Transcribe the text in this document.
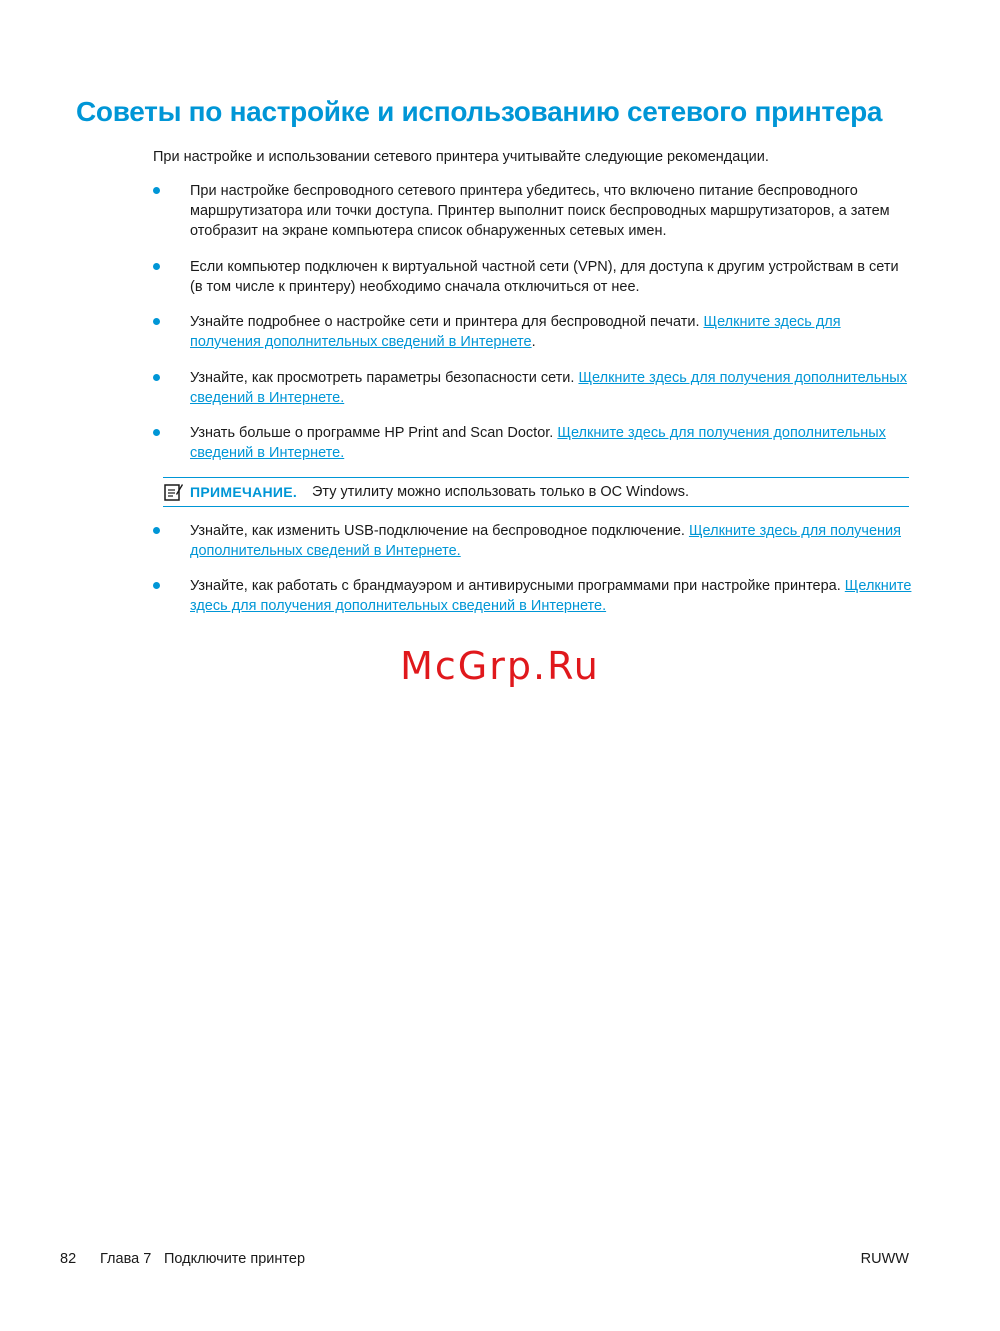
Советы по настройке и использованию сетевого принтера

При настройке и использовании сетевого принтера учитывайте следующие рекомендации.

При настройке беспроводного сетевого принтера убедитесь, что включено питание беспроводного маршрутизатора или точки доступа. Принтер выполнит поиск беспроводных маршрутизаторов, а затем отобразит на экране компьютера список обнаруженных сетевых имен.
Если компьютер подключен к виртуальной частной сети (VPN), для доступа к другим устройствам в сети (в том числе к принтеру) необходимо сначала отключиться от нее.
Узнайте подробнее о настройке сети и принтера для беспроводной печати. Щелкните здесь для получения дополнительных сведений в Интернете.
Узнайте, как просмотреть параметры безопасности сети. Щелкните здесь для получения дополнительных сведений в Интернете.
Узнать больше о программе HP Print and Scan Doctor. Щелкните здесь для получения дополнительных сведений в Интернете.
ПРИМЕЧАНИЕ. Эту утилиту можно использовать только в ОС Windows.
Узнайте, как изменить USB-подключение на беспроводное подключение. Щелкните здесь для получения дополнительных сведений в Интернете.
Узнайте, как работать с брандмауэром и антивирусными программами при настройке принтера. Щелкните здесь для получения дополнительных сведений в Интернете.
McGrp.Ru
82 Глава 7 Подключите принтер	RUWW
